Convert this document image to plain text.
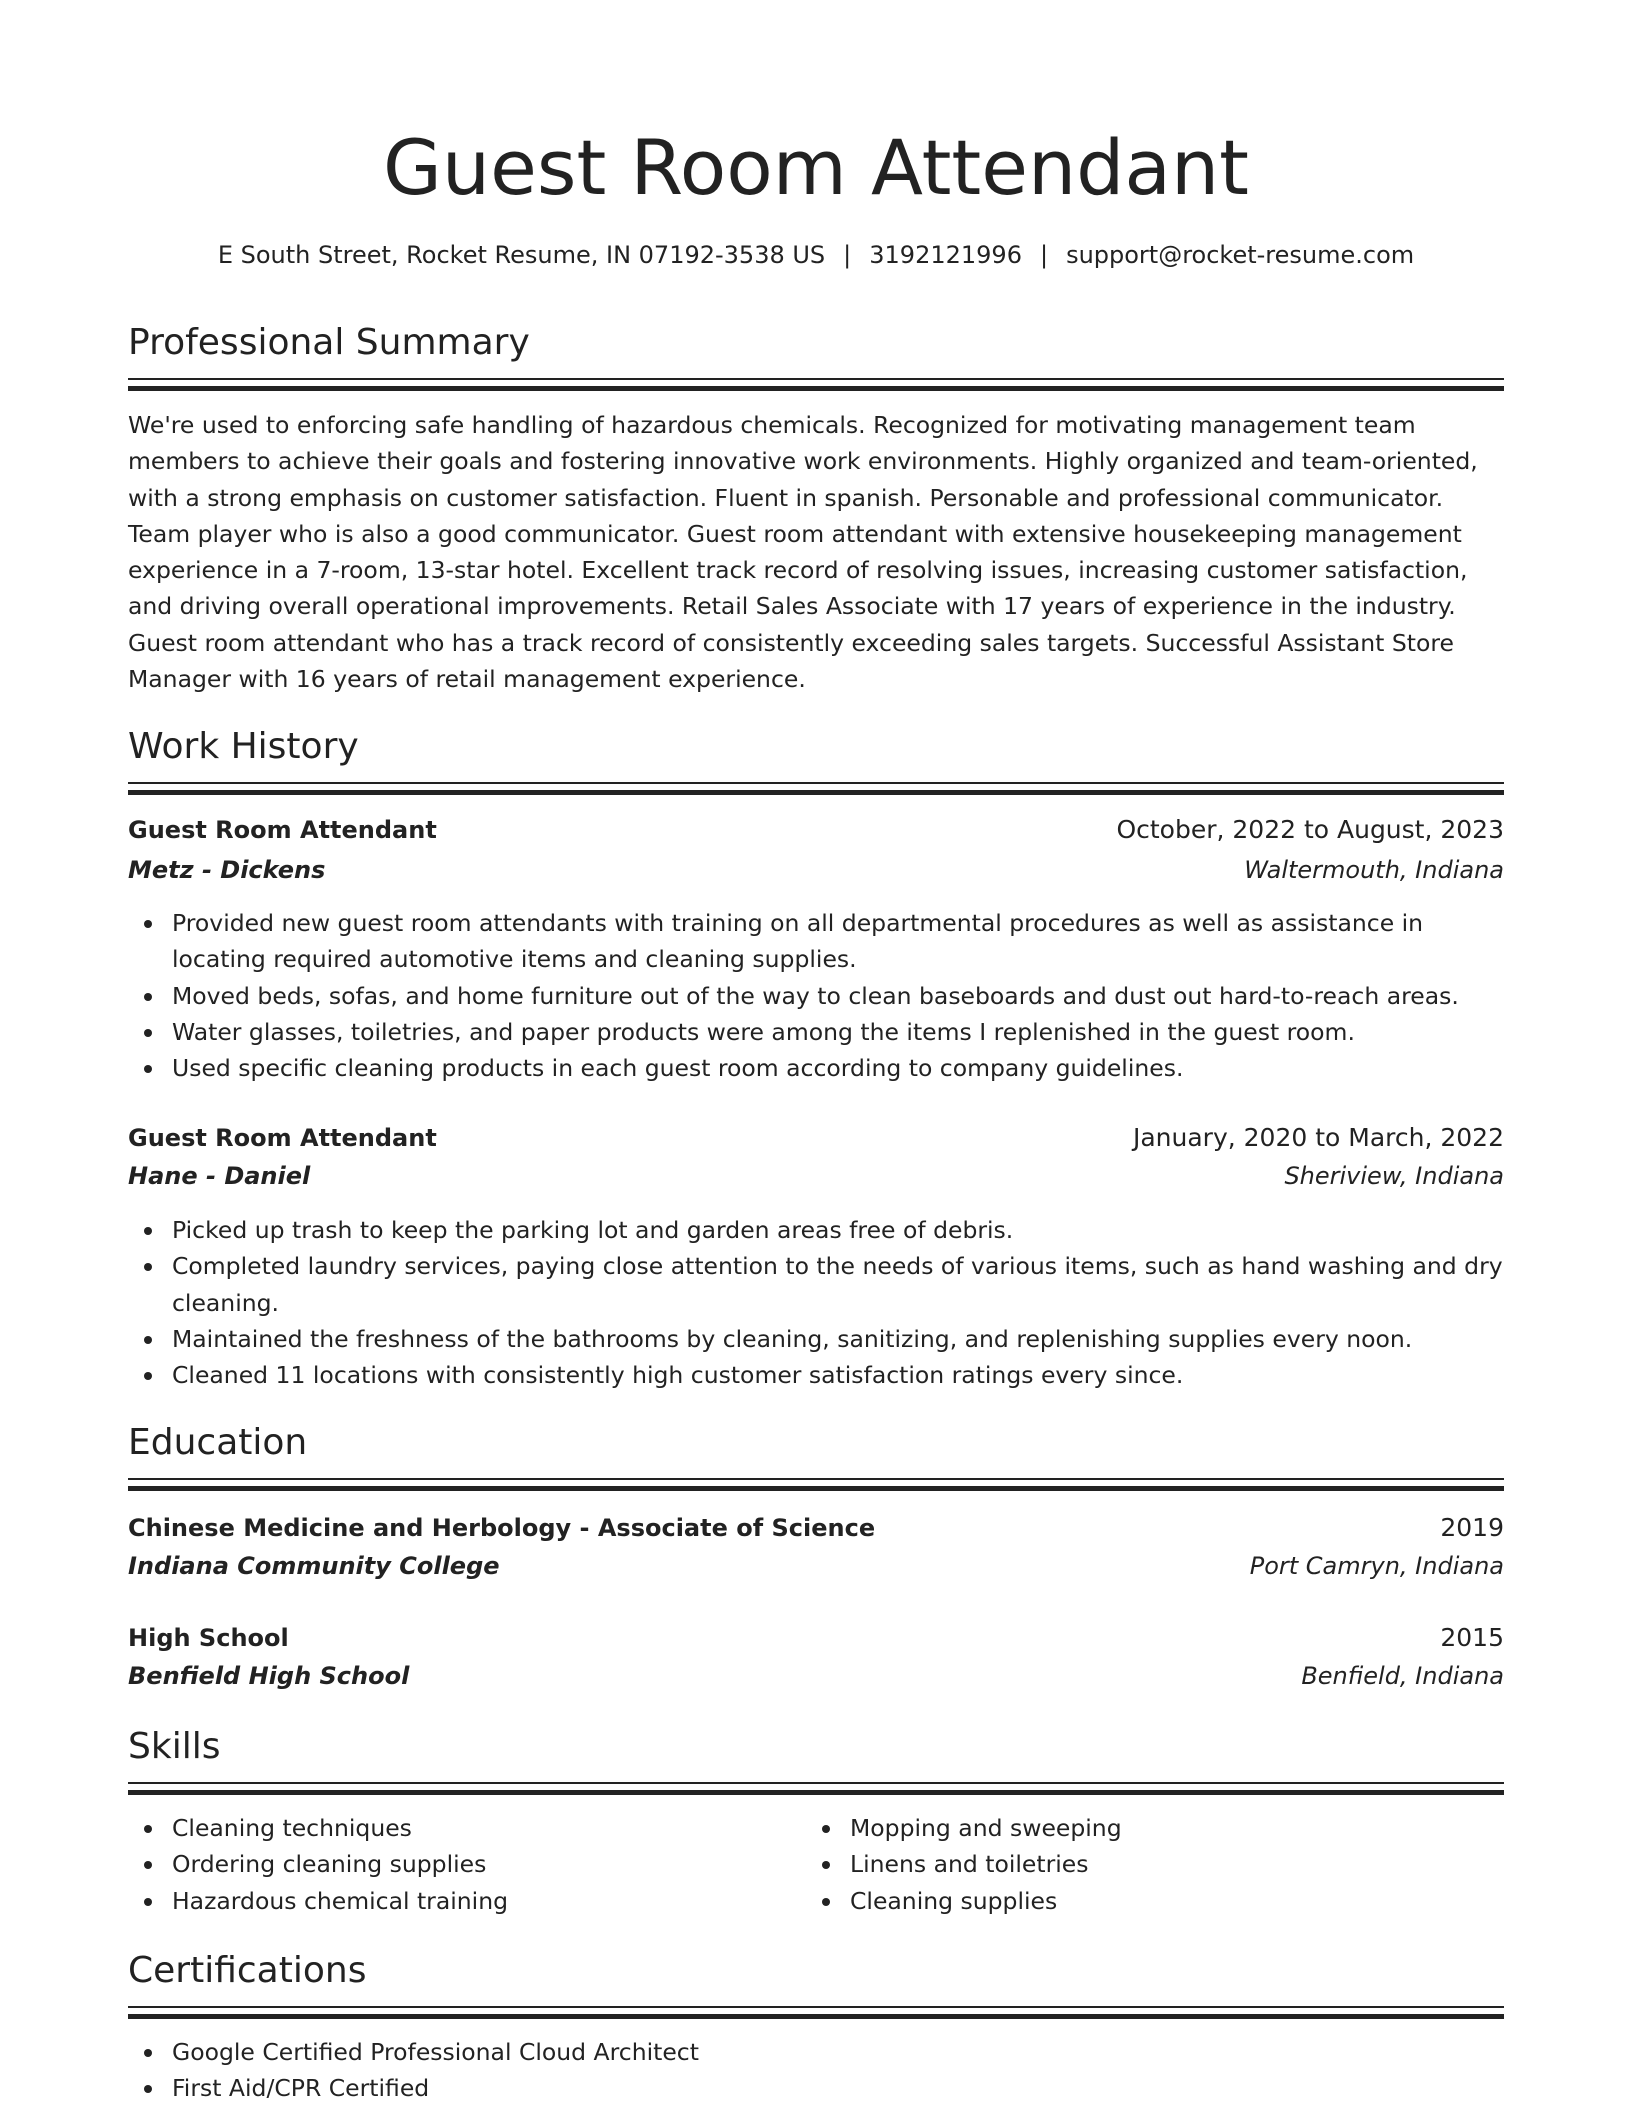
Guest Room Attendant
E South Street, Rocket Resume, IN 07192-3538 US | 3192121996 | support@rocket-resume.com
Professional Summary

We're used to enforcing safe handling of hazardous chemicals. Recognized for motivating management team members to achieve their goals and fostering innovative work environments. Highly organized and team-oriented, with a strong emphasis on customer satisfaction. Fluent in spanish. Personable and professional communicator. Team player who is also a good communicator. Guest room attendant with extensive housekeeping management experience in a 7-room, 13-star hotel. Excellent track record of resolving issues, increasing customer satisfaction, and driving overall operational improvements. Retail Sales Associate with 17 years of experience in the industry. Guest room attendant who has a track record of consistently exceeding sales targets. Successful Assistant Store Manager with 16 years of retail management experience.

Work History
Guest Room Attendant	October, 2022 to August, 2023
Metz - Dickens	Waltermouth, Indiana
Provided new guest room attendants with training on all departmental procedures as well as assistance in locating required automotive items and cleaning supplies.
Moved beds, sofas, and home furniture out of the way to clean baseboards and dust out hard-to-reach areas.
Water glasses, toiletries, and paper products were among the items I replenished in the guest room.
Used specific cleaning products in each guest room according to company guidelines.
Guest Room Attendant	January, 2020 to March, 2022
Hane - Daniel	Sheriview, Indiana
Picked up trash to keep the parking lot and garden areas free of debris.
Completed laundry services, paying close attention to the needs of various items, such as hand washing and dry cleaning.
Maintained the freshness of the bathrooms by cleaning, sanitizing, and replenishing supplies every noon.
Cleaned 11 locations with consistently high customer satisfaction ratings every since.
Education
Chinese Medicine and Herbology - Associate of Science	2019
Indiana Community College	Port Camryn, Indiana
High School	2015
Benfield High School	Benfield, Indiana
Skills
Cleaning techniques
Ordering cleaning supplies
Hazardous chemical training
Mopping and sweeping
Linens and toiletries
Cleaning supplies
Certifications
Google Certified Professional Cloud Architect
First Aid/CPR Certified
